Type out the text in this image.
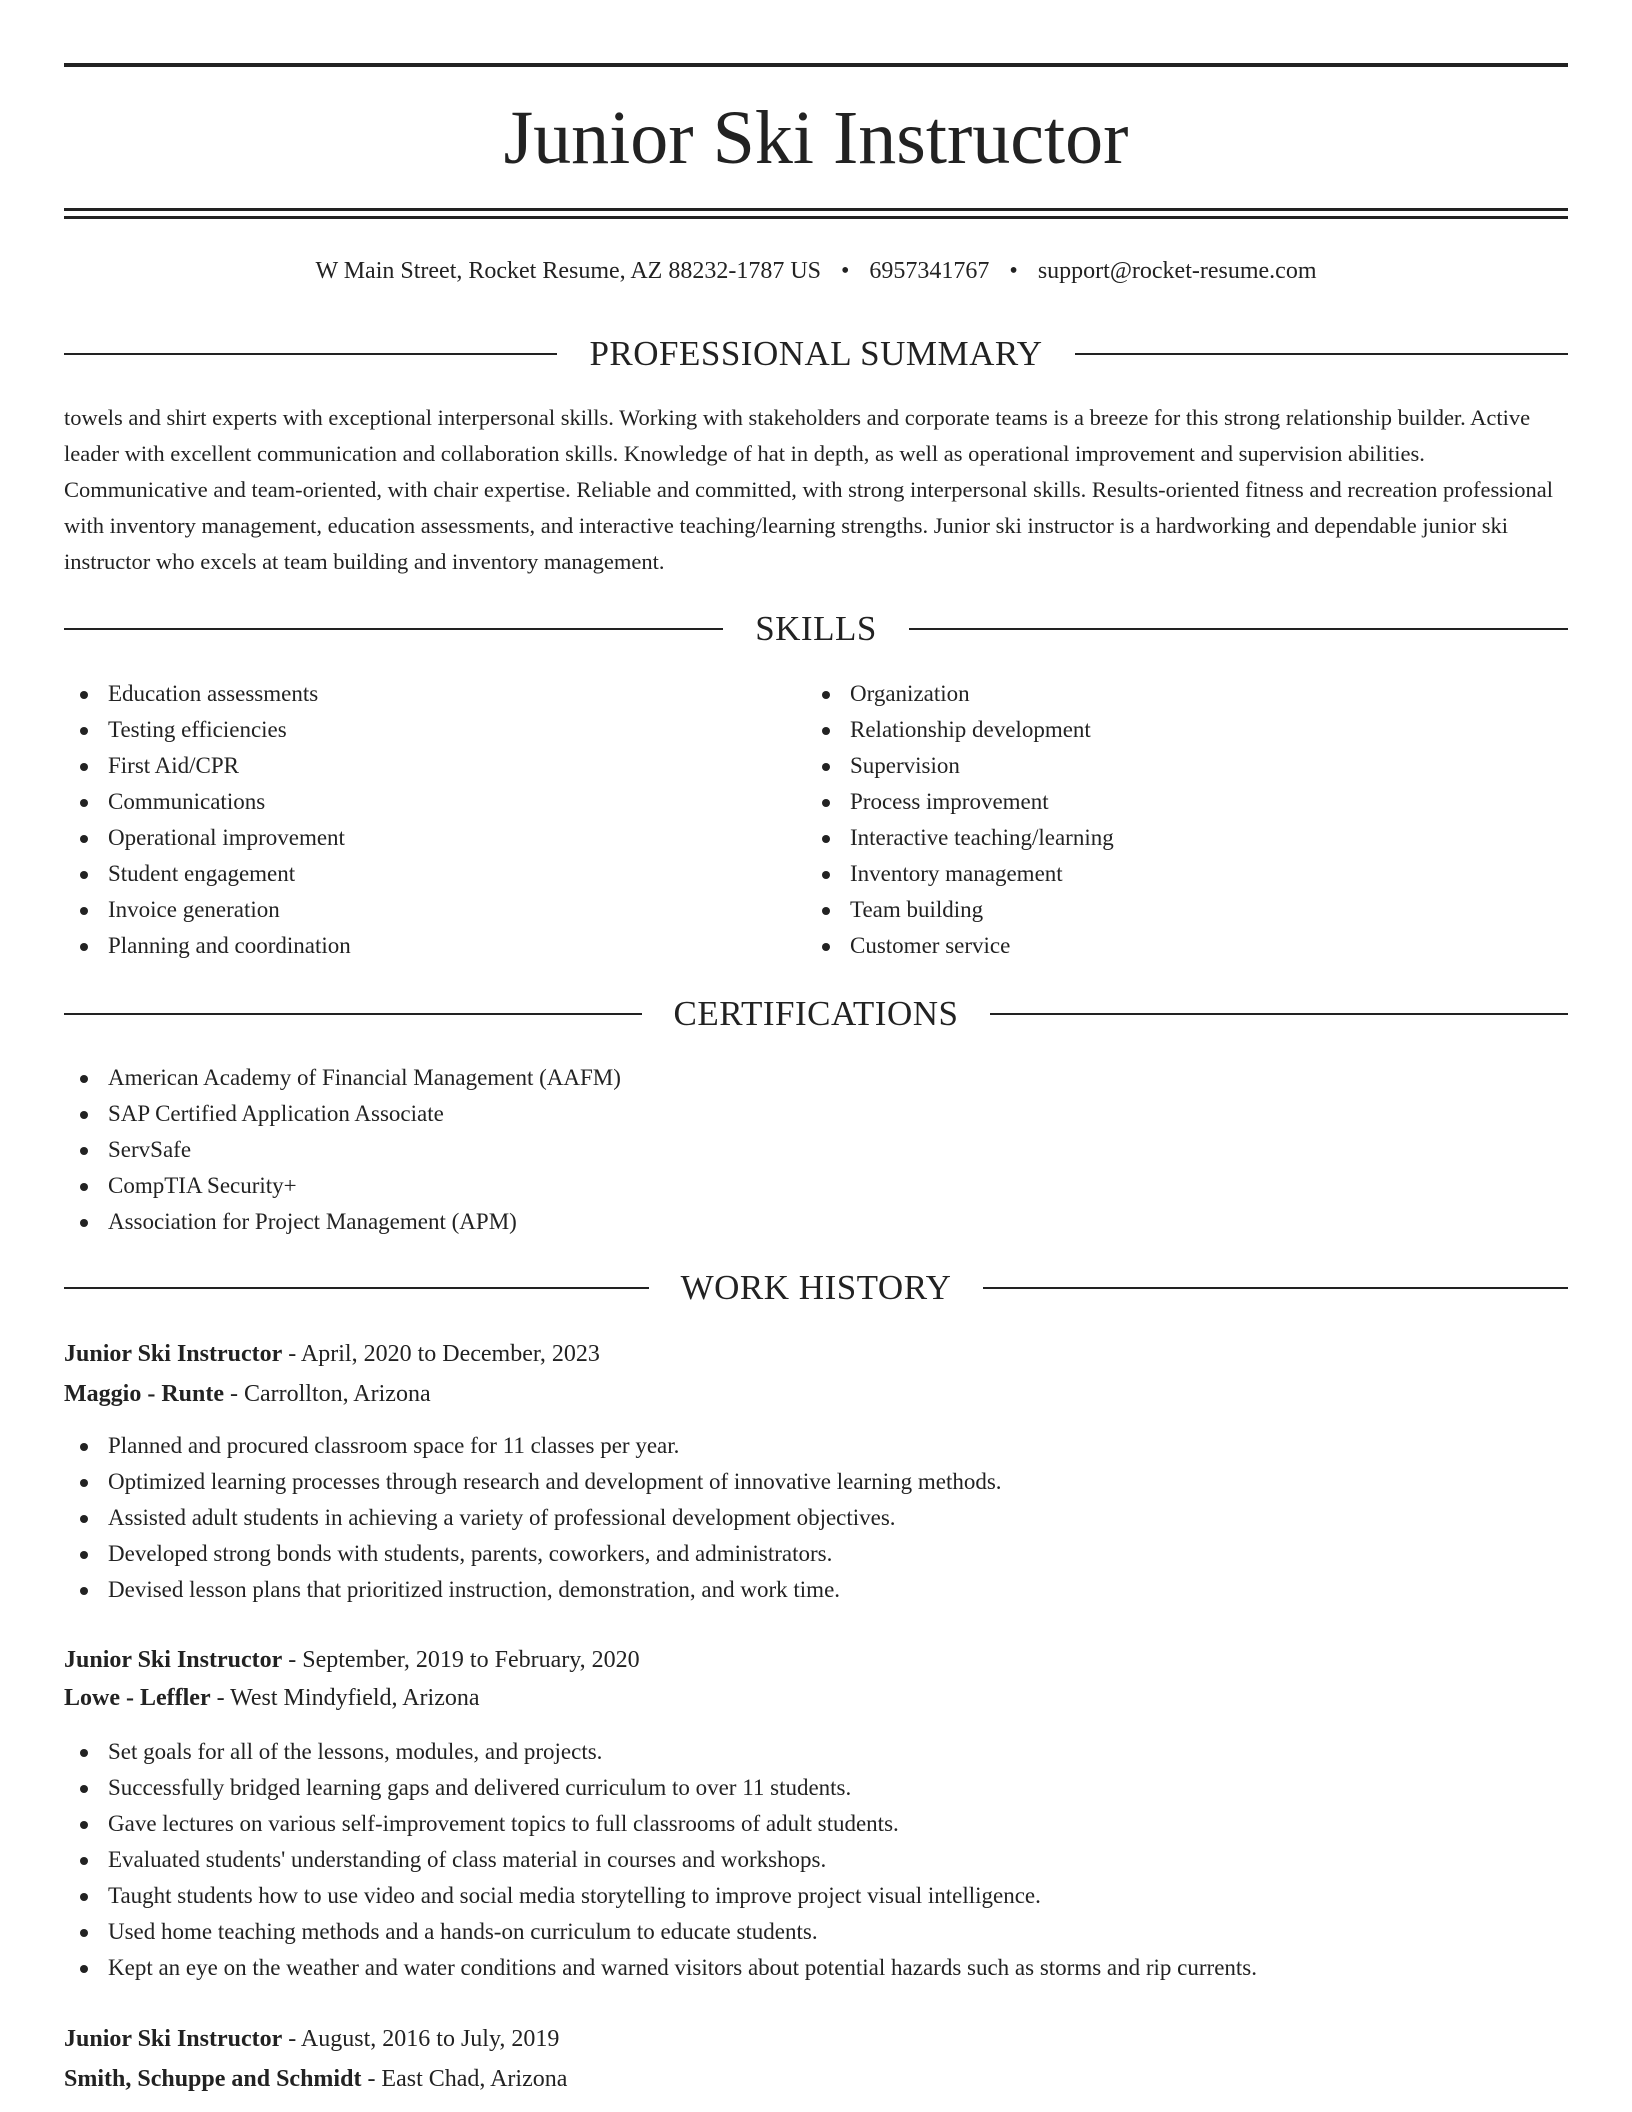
Junior Ski Instructor
W Main Street, Rocket Resume, AZ 88232-1787 US • 6957341767 • support@rocket-resume.com
PROFESSIONAL SUMMARY

towels and shirt experts with exceptional interpersonal skills. Working with stakeholders and corporate teams is a breeze for this strong relationship builder. Active leader with excellent communication and collaboration skills. Knowledge of hat in depth, as well as operational improvement and supervision abilities. Communicative and team-oriented, with chair expertise. Reliable and committed, with strong interpersonal skills. Results-oriented fitness and recreation professional with inventory management, education assessments, and interactive teaching/learning strengths. Junior ski instructor is a hardworking and dependable junior ski instructor who excels at team building and inventory management.

SKILLS
Education assessments
Testing efficiencies
First Aid/CPR
Communications
Operational improvement
Student engagement
Invoice generation
Planning and coordination
Organization
Relationship development
Supervision
Process improvement
Interactive teaching/learning
Inventory management
Team building
Customer service
CERTIFICATIONS
American Academy of Financial Management (AAFM)
SAP Certified Application Associate
ServSafe
CompTIA Security+
Association for Project Management (APM)
WORK HISTORY
Junior Ski Instructor - April, 2020 to December, 2023
Maggio - Runte - Carrollton, Arizona
Planned and procured classroom space for 11 classes per year.
Optimized learning processes through research and development of innovative learning methods.
Assisted adult students in achieving a variety of professional development objectives.
Developed strong bonds with students, parents, coworkers, and administrators.
Devised lesson plans that prioritized instruction, demonstration, and work time.
Junior Ski Instructor - September, 2019 to February, 2020
Lowe - Leffler - West Mindyfield, Arizona
Set goals for all of the lessons, modules, and projects.
Successfully bridged learning gaps and delivered curriculum to over 11 students.
Gave lectures on various self-improvement topics to full classrooms of adult students.
Evaluated students' understanding of class material in courses and workshops.
Taught students how to use video and social media storytelling to improve project visual intelligence.
Used home teaching methods and a hands-on curriculum to educate students.
Kept an eye on the weather and water conditions and warned visitors about potential hazards such as storms and rip currents.
Junior Ski Instructor - August, 2016 to July, 2019
Smith, Schuppe and Schmidt - East Chad, Arizona
